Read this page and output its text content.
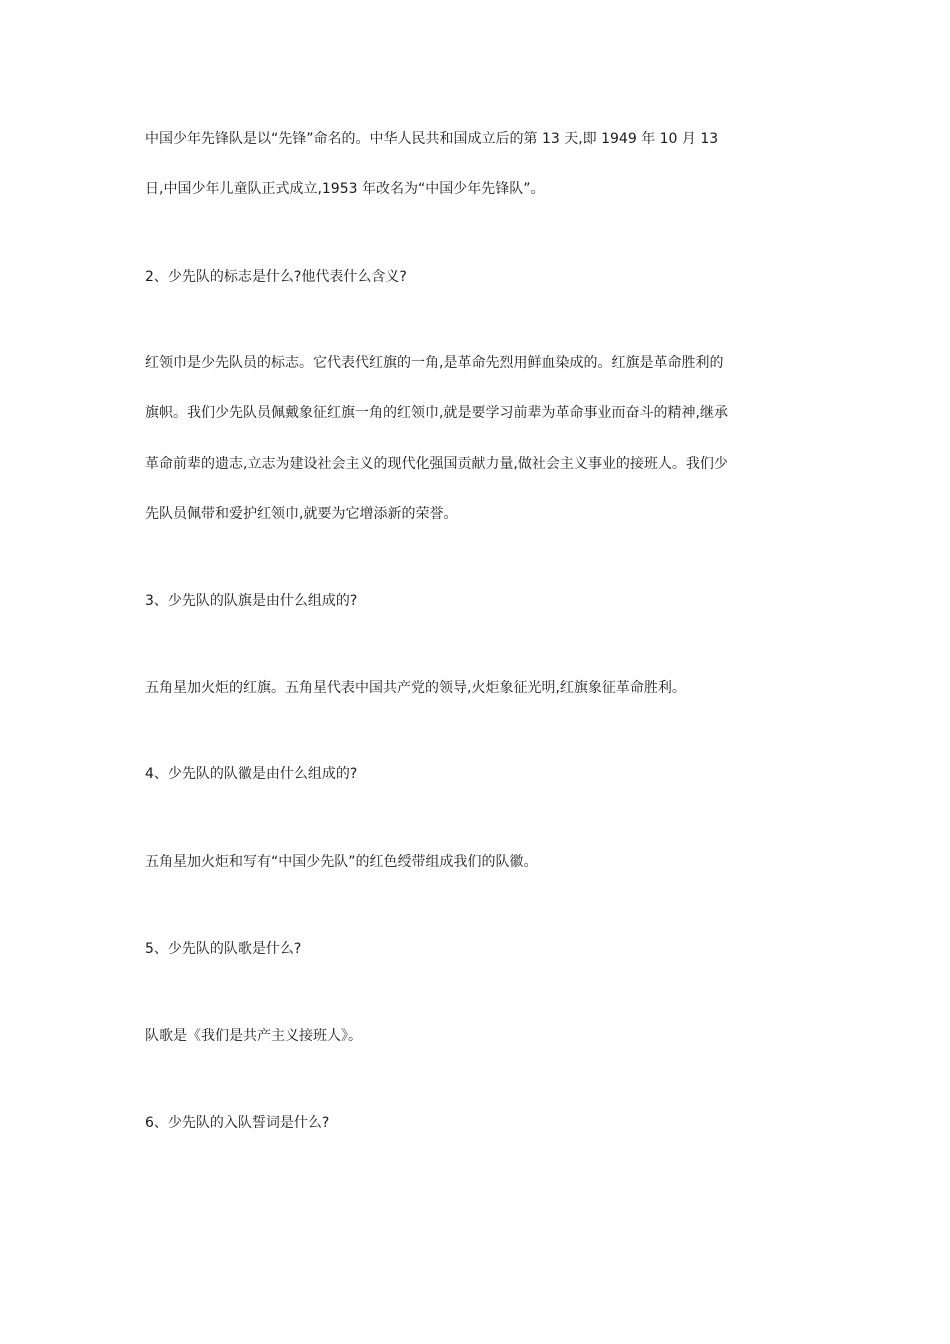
中国少年先锋队是以“先锋”命名的。中华人民共和国成立后的第 13 天,即 1949 年 10 月 13
日,中国少年儿童队正式成立,1953 年改名为“中国少年先锋队”。
2、少先队的标志是什么?他代表什么含义?
红领巾是少先队员的标志。它代表代红旗的一角,是革命先烈用鲜血染成的。红旗是革命胜利的
旗帜。我们少先队员佩戴象征红旗一角的红领巾,就是要学习前辈为革命事业而奋斗的精神,继承
革命前辈的遗志,立志为建设社会主义的现代化强国贡献力量,做社会主义事业的接班人。我们少
先队员佩带和爱护红领巾,就要为它增添新的荣誉。
3、少先队的队旗是由什么组成的?
五角星加火炬的红旗。五角星代表中国共产党的领导,火炬象征光明,红旗象征革命胜利。
4、少先队的队徽是由什么组成的?
五角星加火炬和写有“中国少先队”的红色绶带组成我们的队徽。
5、少先队的队歌是什么?
队歌是《我们是共产主义接班人》。
6、少先队的入队誓词是什么?
